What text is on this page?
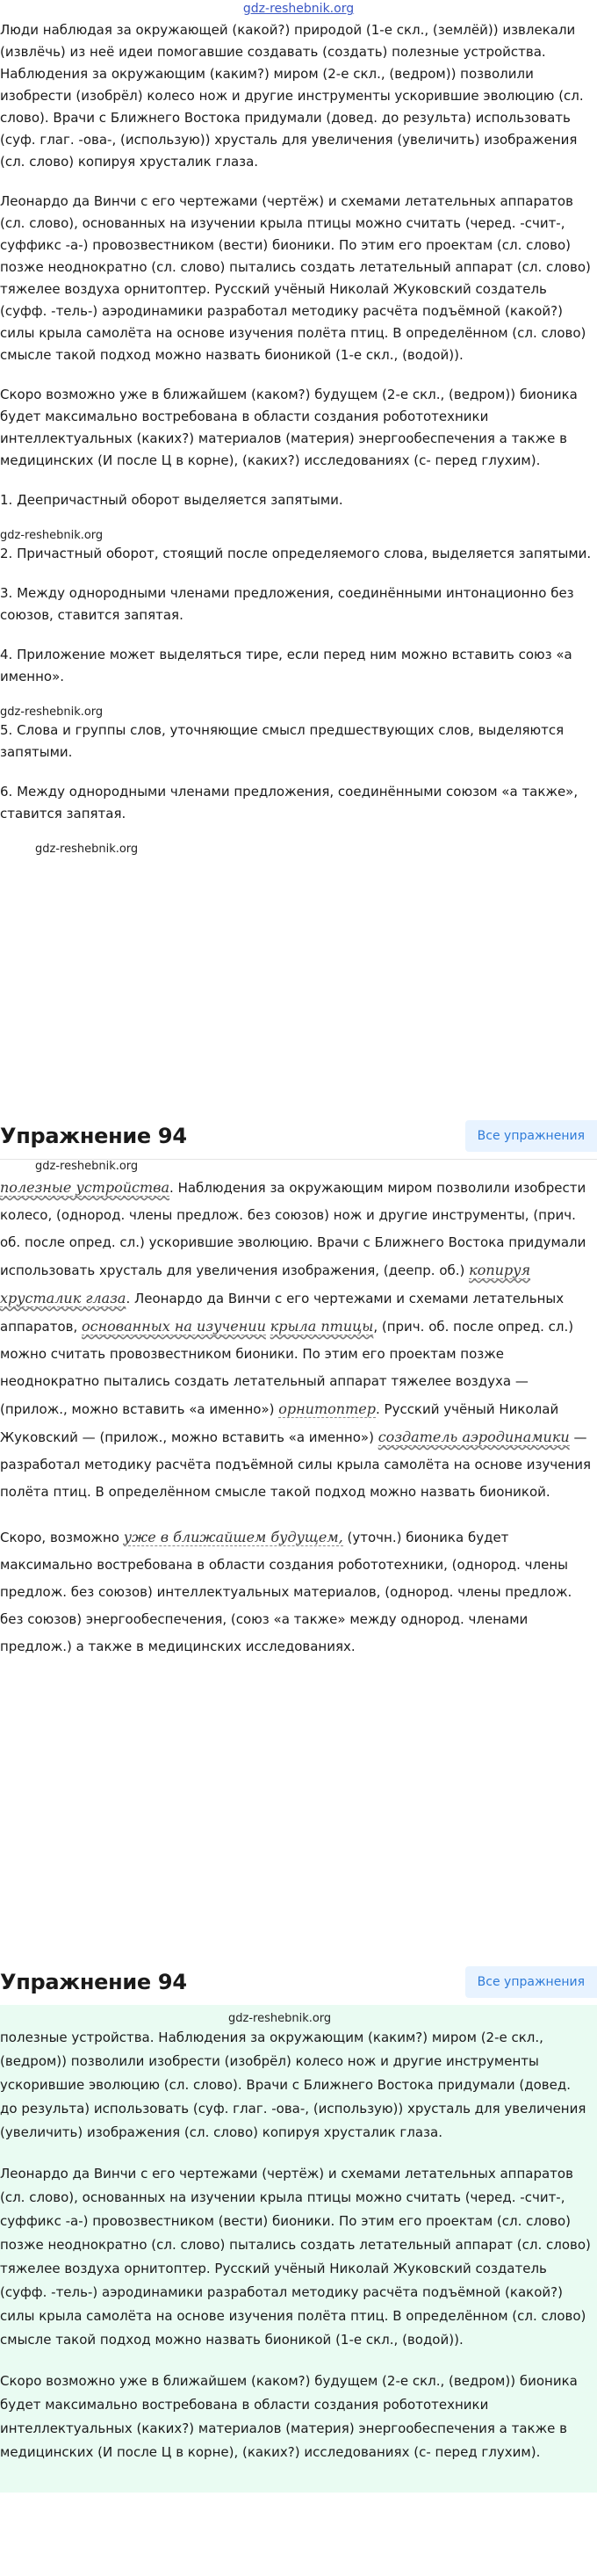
gdz-reshebnik.org

Люди наблюдая за окружающей (какой?) природой (1-е скл., (землёй)) извлекали (извлёчь) из неё идеи помогавшие создавать (создать) полезные устройства. Наблюдения за окружающим (каким?) миром (2-е скл., (ведром)) позволили изобрести (изобрёл) колесо нож и другие инструменты ускорившие эволюцию (сл. слово). Врачи с Ближнего Востока придумали (довед. до результа) использовать (суф. глаг. -ова-, (использую)) хрусталь для увеличения (увеличить) изображения (сл. слово) копируя хрусталик глаза.

Леонардо да Винчи с его чертежами (чертёж) и схемами летательных аппаратов (сл. слово), основанных на изучении крыла птицы можно считать (черед. -счит-, суффикс -а-) провозвестником (вести) бионики. По этим его проектам (сл. слово) позже неоднократно (сл. слово) пытались создать летательный аппарат (сл. слово) тяжелее воздуха орнитоптер. Русский учёный Николай Жуковский создатель (суфф. -тель-) аэродинамики разработал методику расчёта подъёмной (какой?) силы крыла самолёта на основе изучения полёта птиц. В определённом (сл. слово) смысле такой подход можно назвать бионикой (1-е скл., (водой)).

Скоро возможно уже в ближайшем (каком?) будущем (2-е скл., (ведром)) бионика будет максимально востребована в области создания робототехники интеллектуальных (каких?) материалов (материя) энергообеспечения а также в медицинских (И после Ц в корне), (каких?) исследованиях (с- перед глухим).

1. Деепричастный оборот выделяется запятыми.

gdz-reshebnik.org

2. Причастный оборот, стоящий после определяемого слова, выделяется запятыми.

3. Между однородными членами предложения, соединёнными интонационно без союзов, ставится запятая.

4. Приложение может выделяться тире, если перед ним можно вставить союз «а именно».

gdz-reshebnik.org

5. Слова и группы слов, уточняющие смысл предшествующих слов, выделяются запятыми.

6. Между однородными членами предложения, соединёнными союзом «а также», ставится запятая.

gdz-reshebnik.org
Упражнение 94	Все упражнения
gdz-reshebnik.org

полезные устройства. Наблюдения за окружающим миром позволили изобрести колесо, (однород. члены предлож. без союзов) нож и другие инструменты, (прич. об. после опред. сл.) ускорившие эволюцию. Врачи с Ближнего Востока придумали использовать хрусталь для увеличения изображения, (деепр. об.) копируя хрусталик глаза. Леонардо да Винчи с его чертежами и схемами летательных аппаратов, основанных на изучении крыла птицы, (прич. об. после опред. сл.) можно считать провозвестником бионики. По этим его проектам позже неоднократно пытались создать летательный аппарат тяжелее воздуха — (прилож., можно вставить «а именно») орнитоптер. Русский учёный Николай Жуковский — (прилож., можно вставить «а именно») создатель аэродинамики — разработал методику расчёта подъёмной силы крыла самолёта на основе изучения полёта птиц. В определённом смысле такой подход можно назвать бионикой.

Скоро, возможно уже в ближайшем будущем, (уточн.) бионика будет максимально востребована в области создания робототехники, (однород. члены предлож. без союзов) интеллектуальных материалов, (однород. члены предлож. без союзов) энергообеспечения, (союз «а также» между однород. членами предлож.) а также в медицинских исследованиях.

Упражнение 94	Все упражнения
gdz-reshebnik.org

полезные устройства. Наблюдения за окружающим (каким?) миром (2-е скл., (ведром)) позволили изобрести (изобрёл) колесо нож и другие инструменты ускорившие эволюцию (сл. слово). Врачи с Ближнего Востока придумали (довед. до результа) использовать (суф. глаг. -ова-, (использую)) хрусталь для увеличения (увеличить) изображения (сл. слово) копируя хрусталик глаза.

Леонардо да Винчи с его чертежами (чертёж) и схемами летательных аппаратов (сл. слово), основанных на изучении крыла птицы можно считать (черед. -счит-, суффикс -а-) провозвестником (вести) бионики. По этим его проектам (сл. слово) позже неоднократно (сл. слово) пытались создать летательный аппарат (сл. слово) тяжелее воздуха орнитоптер. Русский учёный Николай Жуковский создатель (суфф. -тель-) аэродинамики разработал методику расчёта подъёмной (какой?) силы крыла самолёта на основе изучения полёта птиц. В определённом (сл. слово) смысле такой подход можно назвать бионикой (1-е скл., (водой)).

Скоро возможно уже в ближайшем (каком?) будущем (2-е скл., (ведром)) бионика будет максимально востребована в области создания робототехники интеллектуальных (каких?) материалов (материя) энергообеспечения а также в медицинских (И после Ц в корне), (каких?) исследованиях (с- перед глухим).
